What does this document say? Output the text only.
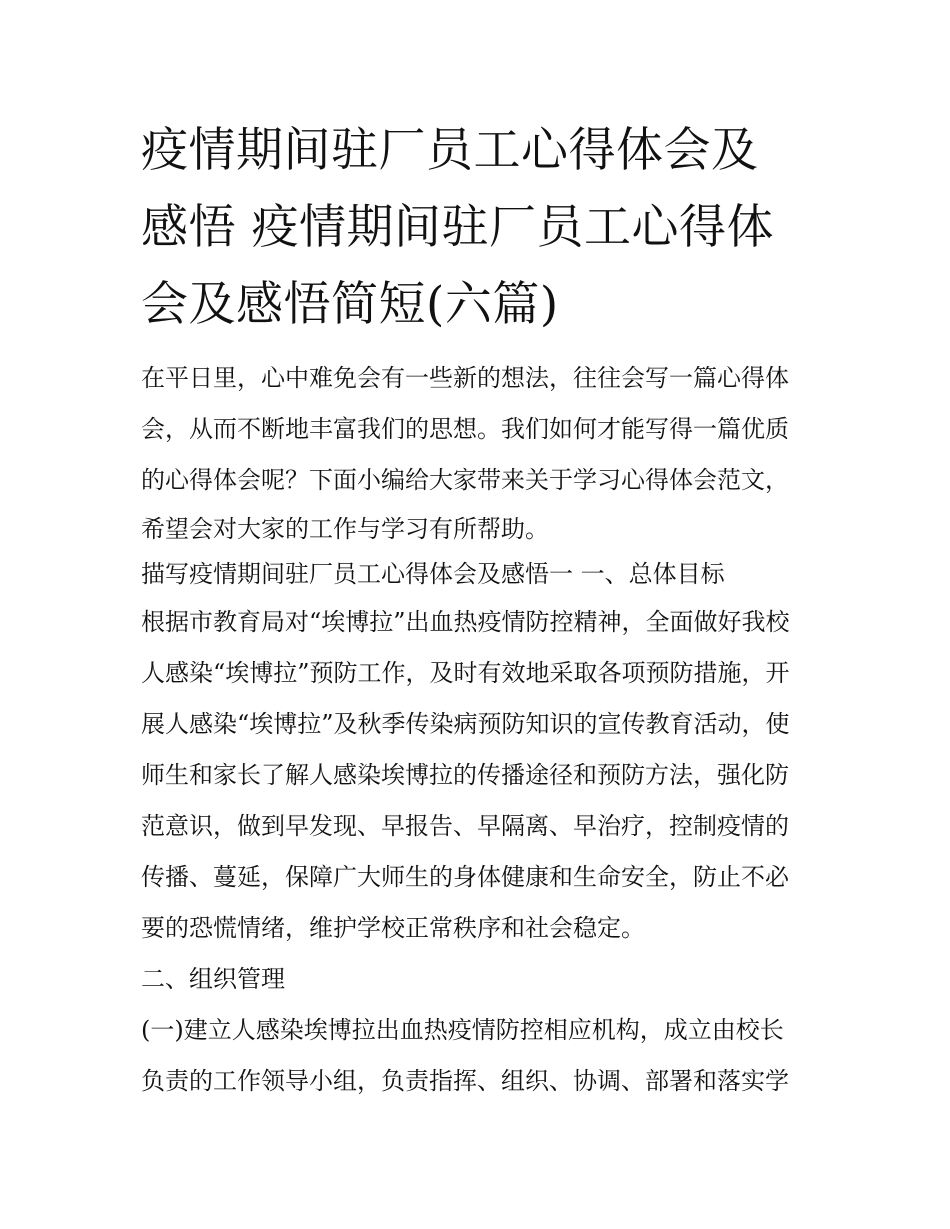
疫情期间驻厂员工心得体会及
感悟 疫情期间驻厂员工心得体
会及感悟简短(六篇)
在平日里，心中难免会有一些新的想法，往往会写一篇心得体
会，从而不断地丰富我们的思想。我们如何才能写得一篇优质
的心得体会呢？下面小编给大家带来关于学习心得体会范文，
希望会对大家的工作与学习有所帮助。
描写疫情期间驻厂员工心得体会及感悟一 一、总体目标
根据市教育局对“埃博拉”出血热疫情防控精神，全面做好我校
人感染“埃博拉”预防工作，及时有效地采取各项预防措施，开
展人感染“埃博拉”及秋季传染病预防知识的宣传教育活动，使
师生和家长了解人感染埃博拉的传播途径和预防方法，强化防
范意识，做到早发现、早报告、早隔离、早治疗，控制疫情的
传播、蔓延，保障广大师生的身体健康和生命安全，防止不必
要的恐慌情绪，维护学校正常秩序和社会稳定。
二、组织管理
(一)建立人感染埃博拉出血热疫情防控相应机构，成立由校长
负责的工作领导小组，负责指挥、组织、协调、部署和落实学
